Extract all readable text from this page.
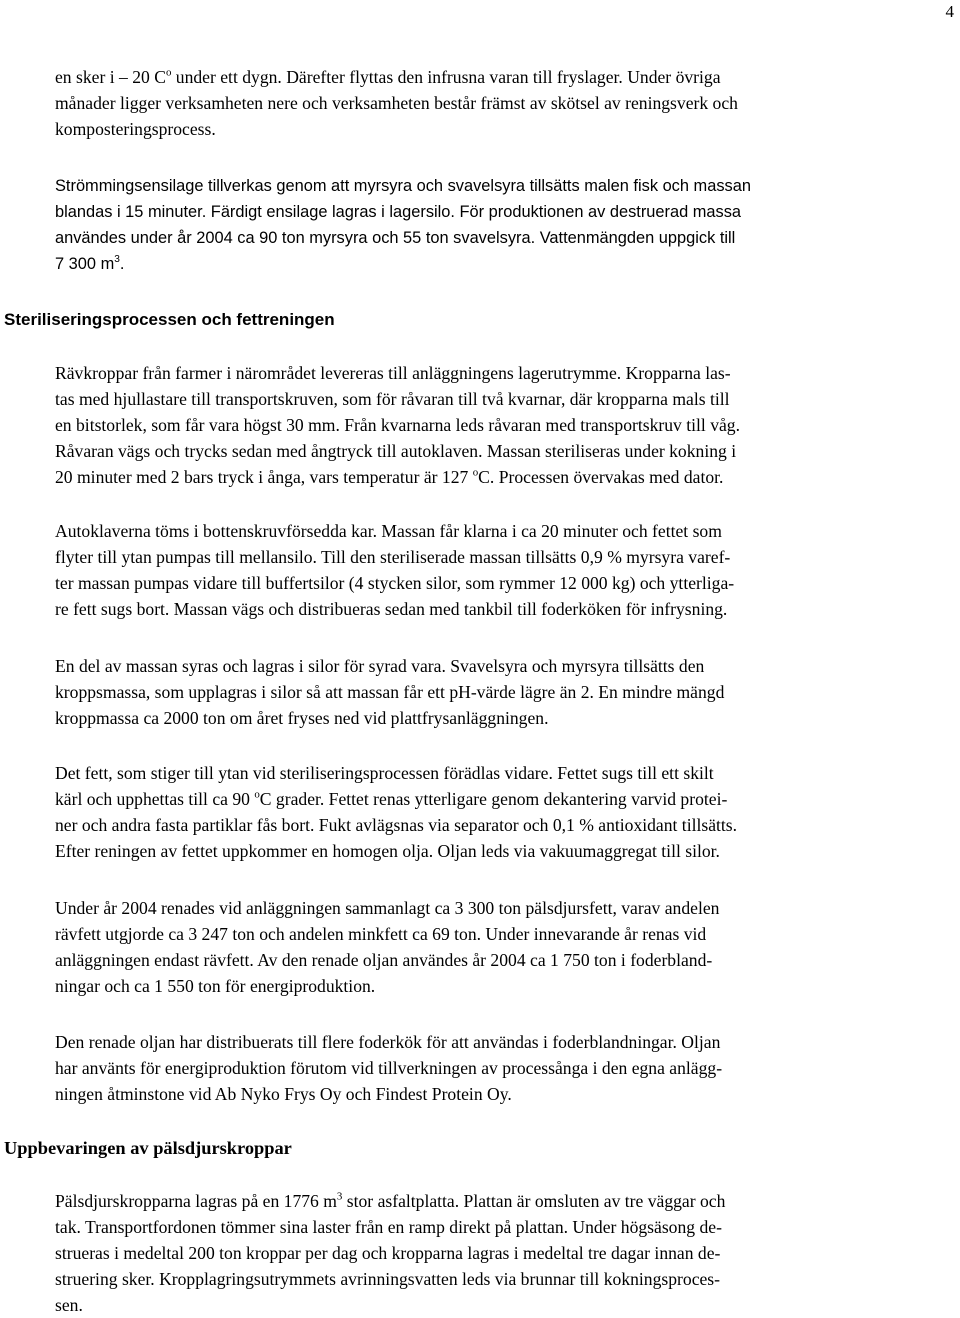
4

en sker i – 20 $C^o$ under ett dygn. Därefter flyttas den infrusna varan till fryslager. Under övriga

månader ligger verksamheten nere och verksamheten består främst av skötsel av reningsverk och

komposteringsprocess.

Strömmingsensilage tillverkas genom att myrsyra och svavelsyra tillsätts malen fisk och massan

blandas i 15 minuter. Färdigt ensilage lagras i lagersilo. För produktionen av destruerad massa

användes under år 2004 ca 90 ton myrsyra och 55 ton svavelsyra. Vattenmängden uppgick till

7 300 $m^3$.

Steriliseringsprocessen och fettreningen

Rävkroppar från farmer i närområdet levereras till anläggningens lagerutrymme. Kropparna las-

tas med hjullastare till transportskruven, som för råvaran till två kvarnar, där kropparna mals till

en bitstorlek, som får vara högst 30 mm. Från kvarnarna leds råvaran med transportskruv till våg.

Råvaran vägs och trycks sedan med ångtryck till autoklaven. Massan steriliseras under kokning i

20 minuter med 2 bars tryck i ånga, vars temperatur är 127 $^o$C. Processen övervakas med dator.

Autoklaverna töms i bottenskruvförsedda kar. Massan får klarna i ca 20 minuter och fettet som

flyter till ytan pumpas till mellansilo. Till den steriliserade massan tillsätts 0,9 % myrsyra varef-

ter massan pumpas vidare till buffertsilor (4 stycken silor, som rymmer 12 000 kg) och ytterliga-

re fett sugs bort. Massan vägs och distribueras sedan med tankbil till foderköken för infrysning.

En del av massan syras och lagras i silor för syrad vara. Svavelsyra och myrsyra tillsätts den

kroppsmassa, som upplagras i silor så att massan får ett pH-värde lägre än 2. En mindre mängd

kroppmassa ca 2000 ton om året fryses ned vid plattfrysanläggningen.

Det fett, som stiger till ytan vid steriliseringsprocessen förädlas vidare. Fettet sugs till ett skilt

kärl och upphettas till ca 90 $^o$C grader. Fettet renas ytterligare genom dekantering varvid protei-

ner och andra fasta partiklar fås bort. Fukt avlägsnas via separator och 0,1 % antioxidant tillsätts.

Efter reningen av fettet uppkommer en homogen olja. Oljan leds via vakuumaggregat till silor.

Under år 2004 renades vid anläggningen sammanlagt ca 3 300 ton pälsdjursfett, varav andelen

rävfett utgjorde ca 3 247 ton och andelen minkfett ca 69 ton. Under innevarande år renas vid

anläggningen endast rävfett. Av den renade oljan användes år 2004 ca 1 750 ton i foderbland-

ningar och ca 1 550 ton för energiproduktion.

Den renade oljan har distribuerats till flere foderkök för att användas i foderblandningar. Oljan

har använts för energiproduktion förutom vid tillverkningen av processånga i den egna anlägg-

ningen åtminstone vid Ab Nyko Frys Oy och Findest Protein Oy.

Uppbevaringen av pälsdjurskroppar

Pälsdjurskropparna lagras på en 1776 $m^3$ stor asfaltplatta. Plattan är omsluten av tre väggar och

tak. Transportfordonen tömmer sina laster från en ramp direkt på plattan. Under högsäsong de-

strueras i medeltal 200 ton kroppar per dag och kropparna lagras i medeltal tre dagar innan de-

struering sker. Kropplagringsutrymmets avrinningsvatten leds via brunnar till kokningsproces-

sen.
